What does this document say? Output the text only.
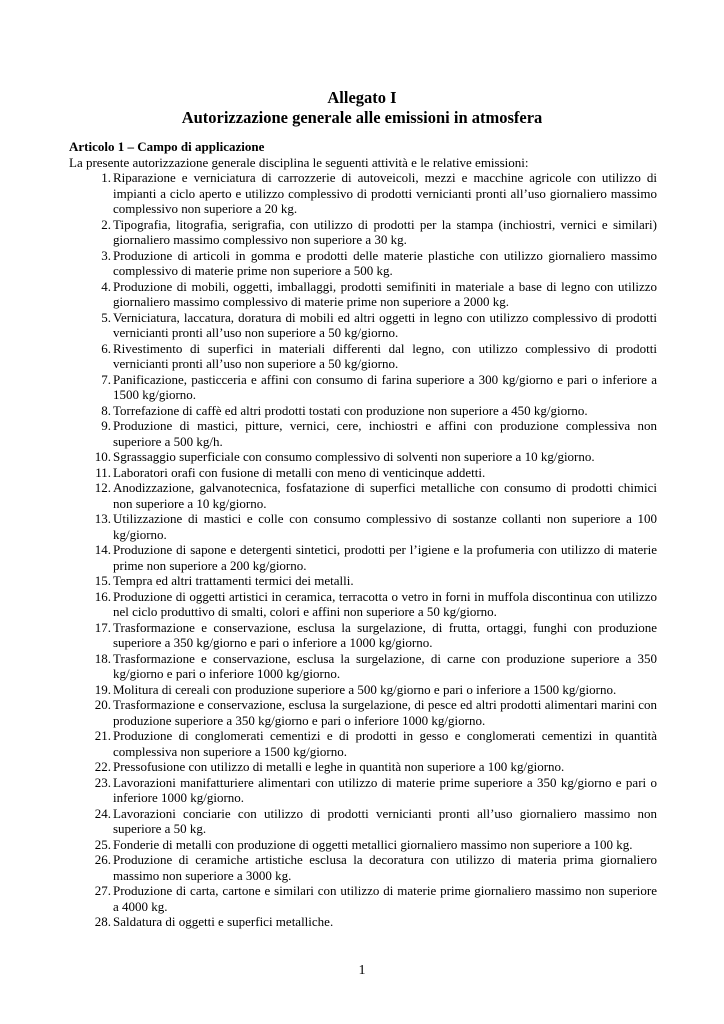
Allegato I
Autorizzazione generale alle emissioni in atmosfera
Articolo 1 – Campo di applicazione
La presente autorizzazione generale disciplina le seguenti attività e le relative emissioni:
1. Riparazione e verniciatura di carrozzerie di autoveicoli, mezzi e macchine agricole con utilizzo di impianti a ciclo aperto e utilizzo complessivo di prodotti vernicianti pronti all’uso giornaliero massimo complessivo non superiore a 20 kg.
2. Tipografia, litografia, serigrafia, con utilizzo di prodotti per la stampa (inchiostri, vernici e similari) giornaliero massimo complessivo non superiore a 30 kg.
3. Produzione di articoli in gomma e prodotti delle materie plastiche con utilizzo giornaliero massimo complessivo di materie prime non superiore a 500 kg.
4. Produzione di mobili, oggetti, imballaggi, prodotti semifiniti in materiale a base di legno con utilizzo giornaliero massimo complessivo di materie prime non superiore a 2000 kg.
5. Verniciatura, laccatura, doratura di mobili ed altri oggetti in legno con utilizzo complessivo di prodotti vernicianti pronti all’uso non superiore a 50 kg/giorno.
6. Rivestimento di superfici in materiali differenti dal legno, con utilizzo complessivo di prodotti vernicianti pronti all’uso non superiore a 50 kg/giorno.
7. Panificazione, pasticceria e affini con consumo di farina superiore a 300 kg/giorno e pari o inferiore a 1500 kg/giorno.
8. Torrefazione di caffè ed altri prodotti tostati con produzione non superiore a 450 kg/giorno.
9. Produzione di mastici, pitture, vernici, cere, inchiostri e affini con produzione complessiva non superiore a 500 kg/h.
10. Sgrassaggio superficiale con consumo complessivo di solventi non superiore a 10 kg/giorno.
11. Laboratori orafi con fusione di metalli con meno di venticinque addetti.
12. Anodizzazione, galvanotecnica, fosfatazione di superfici metalliche con consumo di prodotti chimici non superiore a 10 kg/giorno.
13. Utilizzazione di mastici e colle con consumo complessivo di sostanze collanti non superiore a 100 kg/giorno.
14. Produzione di sapone e detergenti sintetici, prodotti per l’igiene e la profumeria con utilizzo di materie prime non superiore a 200 kg/giorno.
15. Tempra ed altri trattamenti termici dei metalli.
16. Produzione di oggetti artistici in ceramica, terracotta o vetro in forni in muffola discontinua con utilizzo nel ciclo produttivo di smalti, colori e affini non superiore a 50 kg/giorno.
17. Trasformazione e conservazione, esclusa la surgelazione, di frutta, ortaggi, funghi con produzione superiore a 350 kg/giorno e pari o inferiore a 1000 kg/giorno.
18. Trasformazione e conservazione, esclusa la surgelazione, di carne con produzione superiore a 350 kg/giorno e pari o inferiore 1000 kg/giorno.
19. Molitura di cereali con produzione superiore a 500 kg/giorno e pari o inferiore a 1500 kg/giorno.
20. Trasformazione e conservazione, esclusa la surgelazione, di pesce ed altri prodotti alimentari marini con produzione superiore a 350 kg/giorno e pari o inferiore 1000 kg/giorno.
21. Produzione di conglomerati cementizi e di prodotti in gesso e conglomerati cementizi in quantità complessiva non superiore a 1500 kg/giorno.
22. Pressofusione con utilizzo di metalli e leghe in quantità non superiore a 100 kg/giorno.
23. Lavorazioni manifatturiere alimentari con utilizzo di materie prime superiore a 350 kg/giorno e pari o inferiore 1000 kg/giorno.
24. Lavorazioni conciarie con utilizzo di prodotti vernicianti pronti all’uso giornaliero massimo non superiore a 50 kg.
25. Fonderie di metalli con produzione di oggetti metallici giornaliero massimo non superiore a 100 kg.
26. Produzione di ceramiche artistiche esclusa la decoratura con utilizzo di materia prima giornaliero massimo non superiore a 3000 kg.
27. Produzione di carta, cartone e similari con utilizzo di materie prime giornaliero massimo non superiore a 4000 kg.
28. Saldatura di oggetti e superfici metalliche.
1
